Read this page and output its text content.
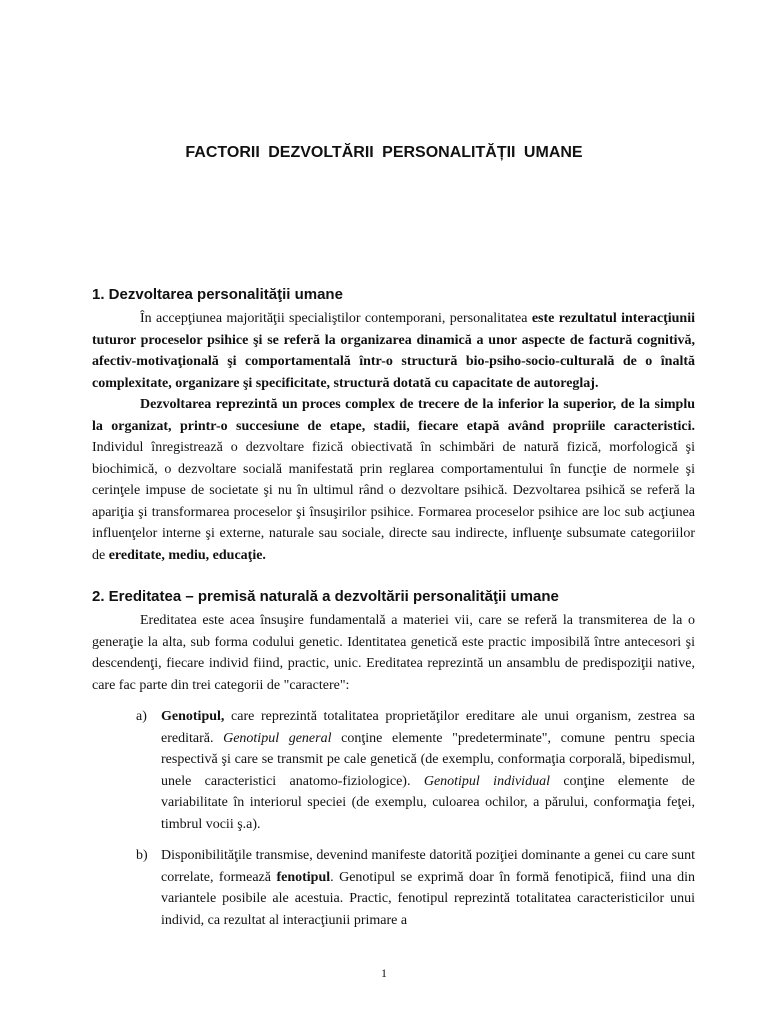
FACTORII DEZVOLTĂRII PERSONALITĂȚII UMANE
1. Dezvoltarea personalităţii umane

În accepţiunea majorităţii specialiştilor contemporani, personalitatea este rezultatul interacţiunii tuturor proceselor psihice şi se referă la organizarea dinamică a unor aspecte de factură cognitivă, afectiv-motivaţională şi comportamentală într-o structură bio-psiho-socio-culturală de o înaltă complexitate, organizare şi specificitate, structură dotată cu capacitate de autoreglaj.

Dezvoltarea reprezintă un proces complex de trecere de la inferior la superior, de la simplu la organizat, printr-o succesiune de etape, stadii, fiecare etapă având propriile caracteristici. Individul înregistrează o dezvoltare fizică obiectivată în schimbări de natură fizică, morfologică şi biochimică, o dezvoltare socială manifestată prin reglarea comportamentului în funcţie de normele şi cerinţele impuse de societate şi nu în ultimul rând o dezvoltare psihică. Dezvoltarea psihică se referă la apariţia şi transformarea proceselor şi însuşirilor psihice. Formarea proceselor psihice are loc sub acţiunea influenţelor interne şi externe, naturale sau sociale, directe sau indirecte, influenţe subsumate categoriilor de ereditate, mediu, educaţie.

2. Ereditatea – premisă naturală a dezvoltării personalităţii umane

Ereditatea este acea însuşire fundamentală a materiei vii, care se referă la transmiterea de la o generaţie la alta, sub forma codului genetic. Identitatea genetică este practic imposibilă între antecesori şi descendenţi, fiecare individ fiind, practic, unic. Ereditatea reprezintă un ansamblu de predispoziţii native, care fac parte din trei categorii de "caractere":

a) Genotipul, care reprezintă totalitatea proprietăţilor ereditare ale unui organism, zestrea sa ereditară. Genotipul general conţine elemente "predeterminate", comune pentru specia respectivă şi care se transmit pe cale genetică (de exemplu, conformaţia corporală, bipedismul, unele caracteristici anatomo-fiziologice). Genotipul individual conţine elemente de variabilitate în interiorul speciei (de exemplu, culoarea ochilor, a părului, conformaţia feţei, timbrul vocii ş.a).

b) Disponibilităţile transmise, devenind manifeste datorită poziţiei dominante a genei cu care sunt correlate, formează fenotipul. Genotipul se exprimă doar în formă fenotipică, fiind una din variantele posibile ale acestuia. Practic, fenotipul reprezintă totalitatea caracteristicilor unui individ, ca rezultat al interacţiunii primare a

1
